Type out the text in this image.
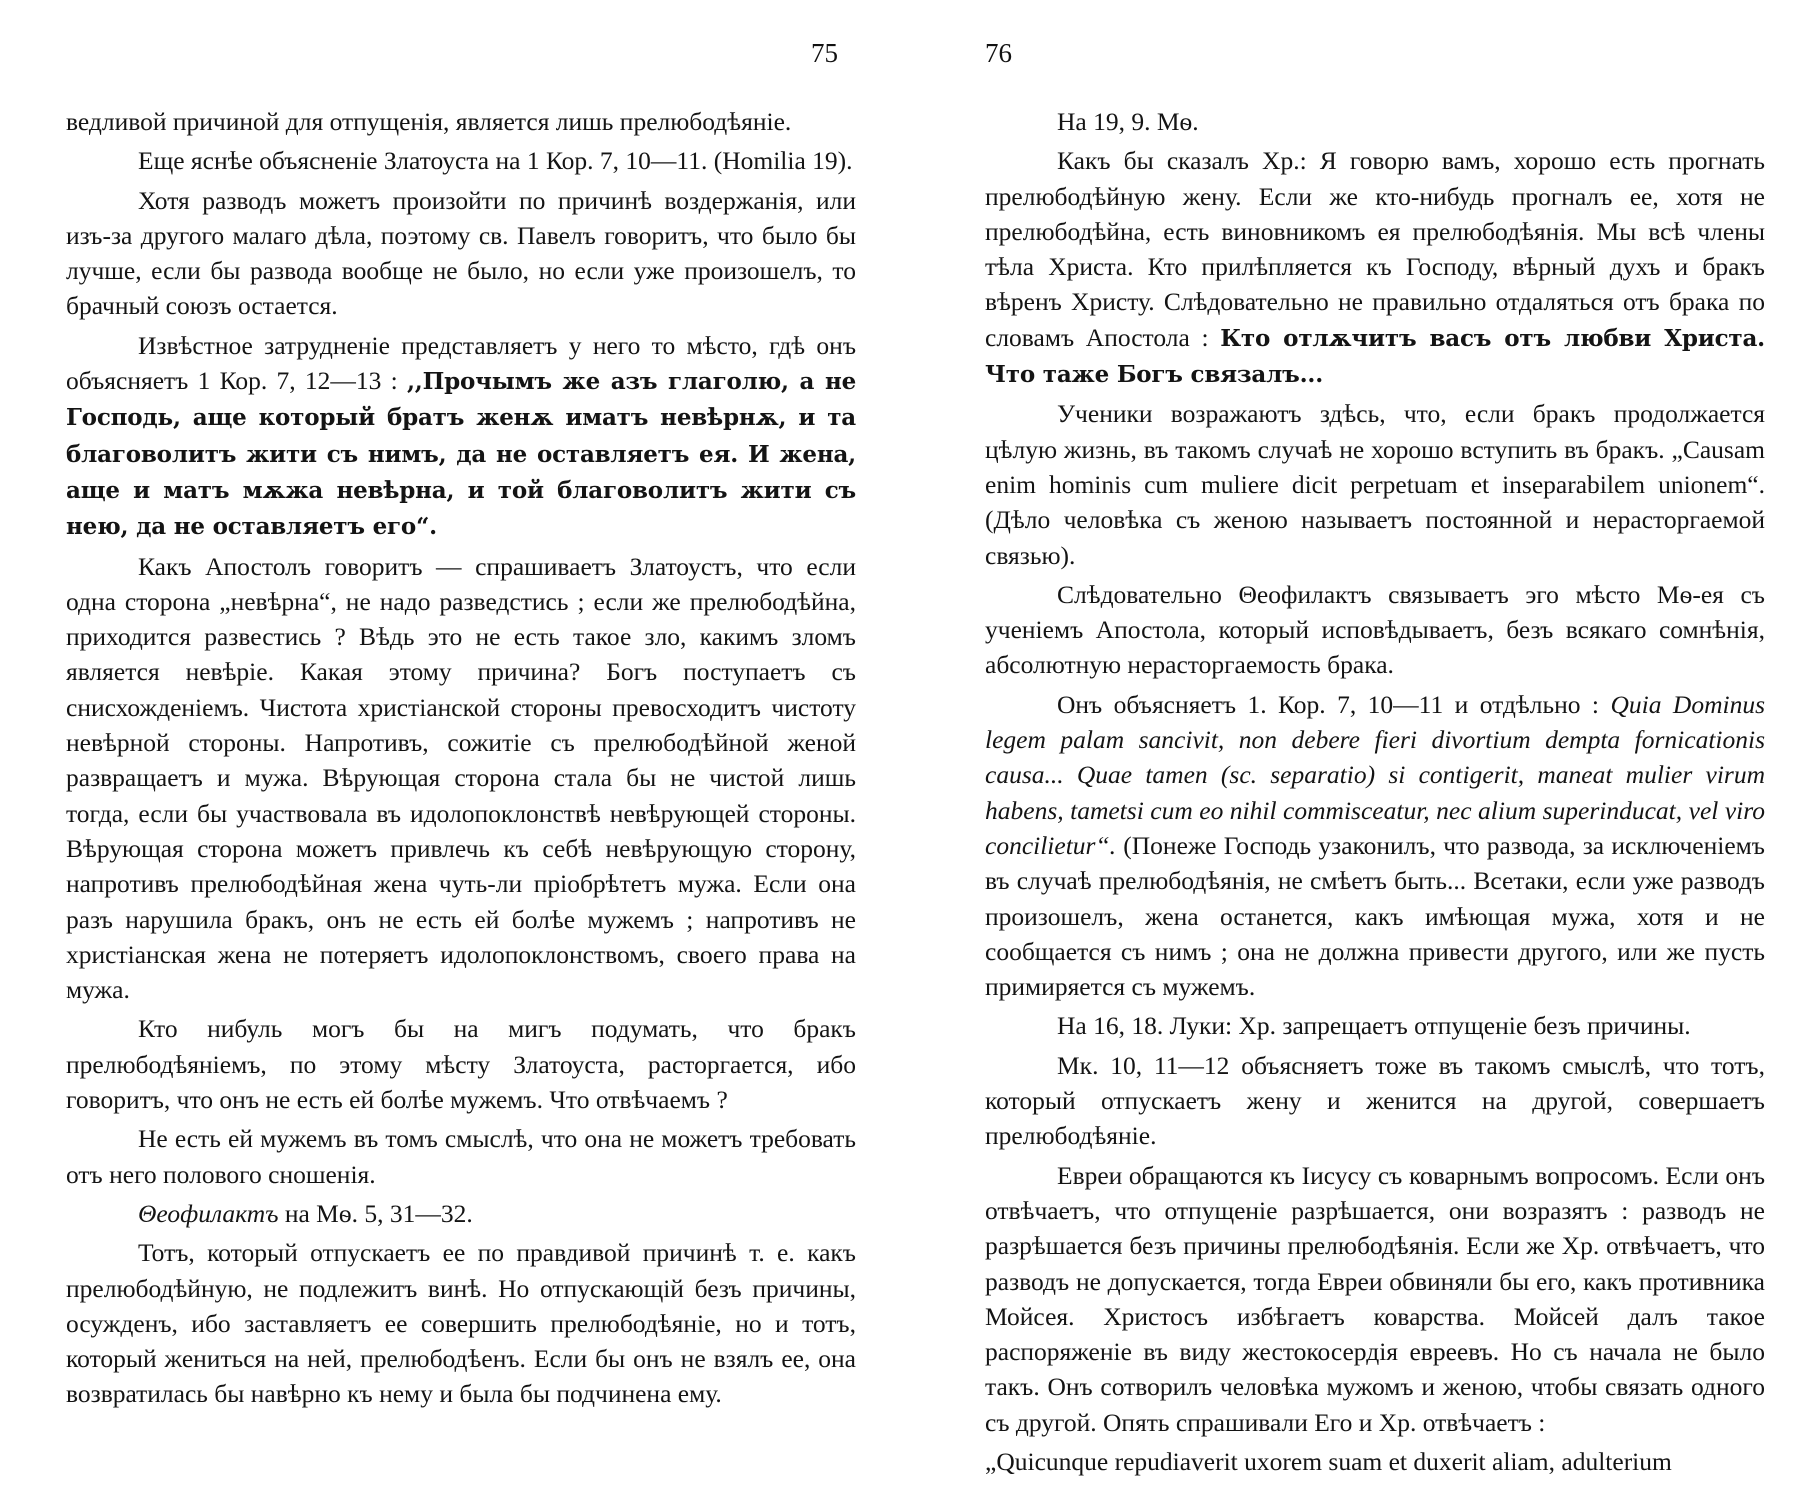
75

ведливой причиной для отпущенія, является лишь прелюбодѣяніе.

Еще яснѣе объясненіе Златоуста на 1 Кор. 7, 10—11. (Homilia 19).

Хотя разводъ можетъ произойти по причинѣ воздержанія, или изъ-за другого малаго дѣла, поэтому св. Павелъ говоритъ, что было бы лучше, если бы развода вообще не было, но если уже произошелъ, то брачный союзъ остается.

Извѣстное затрудненіе представляетъ у него то мѣсто, гдѣ онъ объясняетъ 1 Кор. 7, 12—13 : ,,Прочымъ же азъ глаголю, а не Господь, аще который братъ женѫ иматъ невѣрнѫ, и та благоволитъ жити съ нимъ, да не оставляетъ ея. И жена, аще и матъ мѫжа невѣрна, и той благоволитъ жити съ нею, да не оставляетъ его“.

Какъ Апостолъ говоритъ — спрашиваетъ Златоустъ, что если одна сторона „невѣрна“, не надо разведстись ; если же прелюбодѣйна, приходится развестись ? Вѣдь это не есть такое зло, какимъ зломъ является невѣріе. Какая этому причина? Богъ поступаетъ съ снисхожденіемъ. Чистота христіанской стороны превосходитъ чистоту невѣрной стороны. Напротивъ, сожитіе съ прелюбодѣйной женой развращаетъ и мужа. Вѣрующая сторона стала бы не чистой лишь тогда, если бы участвовала въ идолопоклонствѣ невѣрующей стороны. Вѣрующая сторона можетъ привлечь къ себѣ невѣрующую сторону, напротивъ прелюбодѣйная жена чуть-ли пріобрѣтетъ мужа. Если она разъ нарушила бракъ, онъ не есть ей болѣе мужемъ ; напротивъ не христіанская жена не потеряетъ идолопоклонствомъ, своего права на мужа.

Кто нибуль могъ бы на мигъ подумать, что бракъ прелюбодѣяніемъ, по этому мѣсту Златоуста, расторгается, ибо говоритъ, что онъ не есть ей болѣе мужемъ. Что отвѣчаемъ ?

Не есть ей мужемъ въ томъ смыслѣ, что она не можетъ требовать отъ него полового сношенія.

Θеофилактъ на Мѳ. 5, 31—32.

Тотъ, который отпускаетъ ее по правдивой причинѣ т. е. какъ прелюбодѣйную, не подлежитъ винѣ. Но отпускающій безъ причины, осужденъ, ибо заставляетъ ее совершить прелюбодѣяніе, но и тотъ, который жениться на ней, прелюбодѣенъ. Если бы онъ не взялъ ее, она возвратилась бы навѣрно къ нему и была бы подчинена ему.

76

На 19, 9. Мѳ.

Какъ бы сказалъ Хр.: Я говорю вамъ, хорошо есть прогнать прелюбодѣйную жену. Если же кто-нибудь прогналъ ее, хотя не прелюбодѣйна, есть виновникомъ ея прелюбодѣянія. Мы всѣ члены тѣла Христа. Кто прилѣпляется къ Господу, вѣрный духъ и бракъ вѣренъ Христу. Слѣдовательно не правильно отдаляться отъ брака по словамъ Апостола : Кто отлѫчитъ васъ отъ любви Христа. Что таже Богъ связалъ...

Ученики возражаютъ здѣсь, что, если бракъ продолжается цѣлую жизнь, въ такомъ случаѣ не хорошо вступить въ бракъ. „Causam enim hominis cum muliere dicit perpetuam et inseparabilem unionem“. (Дѣло человѣка съ женою называетъ постоянной и нерасторгаемой связью).

Слѣдовательно Θеофилактъ связываетъ эго мѣсто Мѳ-ея съ ученіемъ Апостола, который исповѣдываетъ, безъ всякаго сомнѣнія, абсолютную нерасторгаемость брака.

Онъ объясняетъ 1. Кор. 7, 10—11 и отдѣльно : Quia Dominus legem palam sancivit, non debere fieri divortium dempta fornicationis causa... Quae tamen (sc. separatio) si contigerit, maneat mulier virum habens, tametsi cum eo nihil commisceatur, nec alium superinducat, vel viro concilietur“. (Понеже Господь узаконилъ, что развода, за исключеніемъ въ случаѣ прелюбодѣянія, не смѣетъ быть... Всетаки, если уже разводъ произошелъ, жена останется, какъ имѣющая мужа, хотя и не сообщается съ нимъ ; она не должна привести другого, или же пусть примиряется съ мужемъ.

На 16, 18. Луки: Хр. запрещаетъ отпущеніе безъ причины.

Мк. 10, 11—12 объясняетъ тоже въ такомъ смыслѣ, что тотъ, который отпускаетъ жену и женится на другой, совершаетъ прелюбодѣяніе.

Евреи обращаются къ Іисусу съ коварнымъ вопросомъ. Если онъ отвѣчаетъ, что отпущеніе разрѣшается, они возразятъ : разводъ не разрѣшается безъ причины прелюбодѣянія. Если же Хр. отвѣчаетъ, что разводъ не допускается, тогда Евреи обвиняли бы его, какъ противника Мойсея. Христосъ избѣгаетъ коварства. Мойсей далъ такое распоряженіе въ виду жестокосердія евреевъ. Но съ начала не было такъ. Онъ сотворилъ человѣка мужомъ и женою, чтобы связать одного съ другой. Опять спрашивали Его и Хр. отвѣчаетъ :

„Quicunque repudiaverit uxorem suam et duxerit aliam, adulterium
